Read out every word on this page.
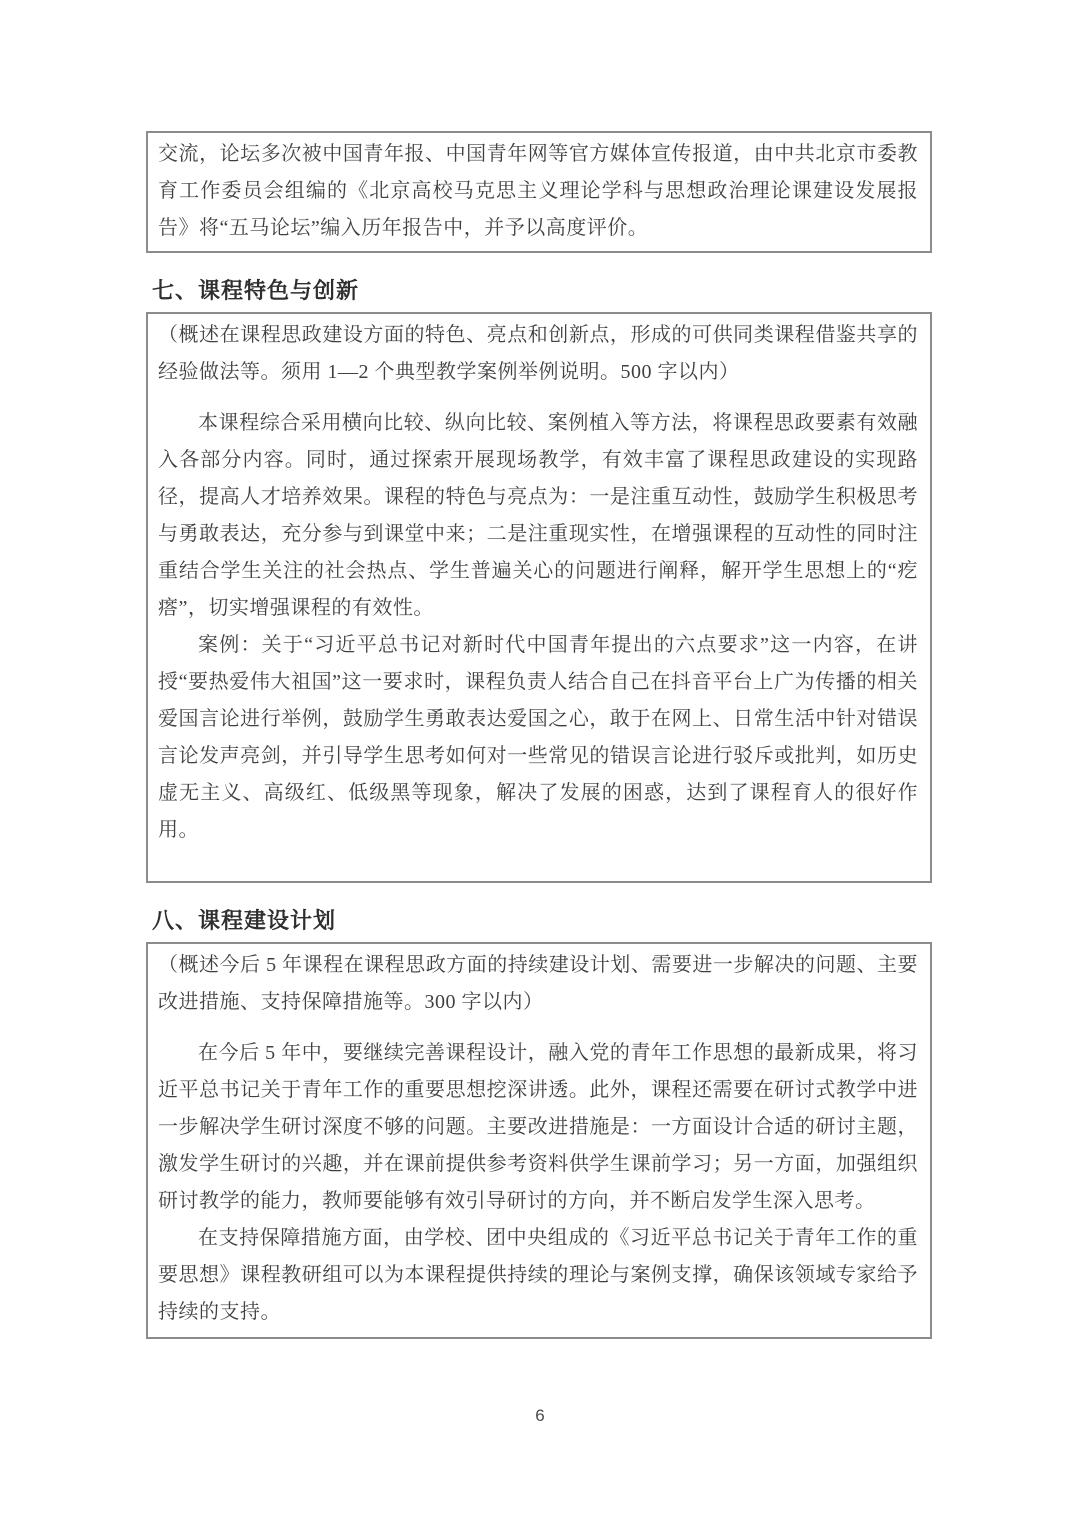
交流，论坛多次被中国青年报、中国青年网等官方媒体宣传报道，由中共北京市委教育工作委员会组编的《北京高校马克思主义理论学科与思想政治理论课建设发展报告》将“五马论坛”编入历年报告中，并予以高度评价。

七、课程特色与创新

（概述在课程思政建设方面的特色、亮点和创新点，形成的可供同类课程借鉴共享的经验做法等。须用 1—2 个典型教学案例举例说明。500 字以内）

本课程综合采用横向比较、纵向比较、案例植入等方法，将课程思政要素有效融入各部分内容。同时，通过探索开展现场教学，有效丰富了课程思政建设的实现路径，提高人才培养效果。课程的特色与亮点为：一是注重互动性，鼓励学生积极思考与勇敢表达，充分参与到课堂中来；二是注重现实性，在增强课程的互动性的同时注重结合学生关注的社会热点、学生普遍关心的问题进行阐释，解开学生思想上的“疙瘩”，切实增强课程的有效性。

案例：关于“习近平总书记对新时代中国青年提出的六点要求”这一内容，在讲授“要热爱伟大祖国”这一要求时，课程负责人结合自己在抖音平台上广为传播的相关爱国言论进行举例，鼓励学生勇敢表达爱国之心，敢于在网上、日常生活中针对错误言论发声亮剑，并引导学生思考如何对一些常见的错误言论进行驳斥或批判，如历史虚无主义、高级红、低级黑等现象，解决了发展的困惑，达到了课程育人的很好作用。

八、课程建设计划

（概述今后 5 年课程在课程思政方面的持续建设计划、需要进一步解决的问题、主要改进措施、支持保障措施等。300 字以内）

在今后 5 年中，要继续完善课程设计，融入党的青年工作思想的最新成果，将习近平总书记关于青年工作的重要思想挖深讲透。此外，课程还需要在研讨式教学中进一步解决学生研讨深度不够的问题。主要改进措施是：一方面设计合适的研讨主题，激发学生研讨的兴趣，并在课前提供参考资料供学生课前学习；另一方面，加强组织研讨教学的能力，教师要能够有效引导研讨的方向，并不断启发学生深入思考。

在支持保障措施方面，由学校、团中央组成的《习近平总书记关于青年工作的重要思想》课程教研组可以为本课程提供持续的理论与案例支撑，确保该领域专家给予持续的支持。

6
